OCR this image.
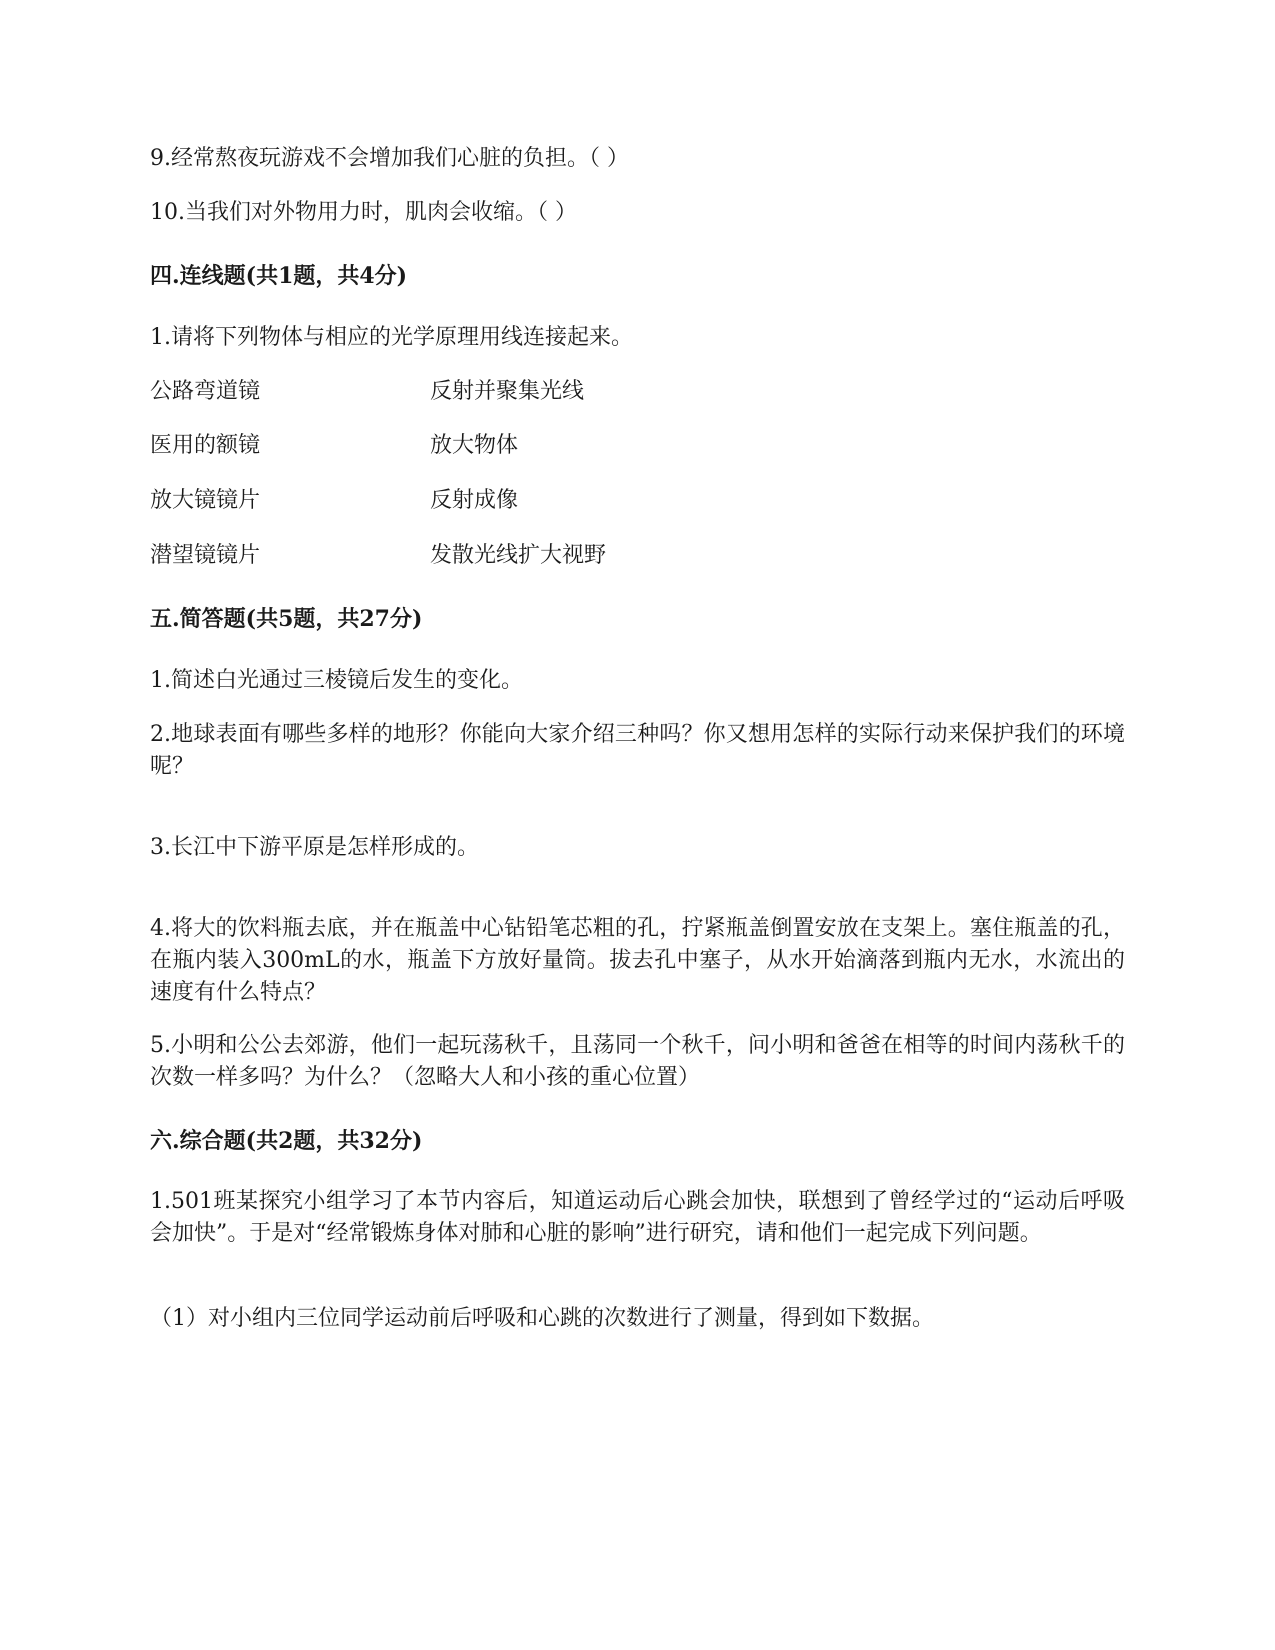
9.经常熬夜玩游戏不会增加我们心脏的负担。（ ）
10.当我们对外物用力时，肌肉会收缩。（ ）
四.连线题(共1题，共4分)
1.请将下列物体与相应的光学原理用线连接起来。
公路弯道镜	反射并聚集光线
医用的额镜	放大物体
放大镜镜片	反射成像
潜望镜镜片	发散光线扩大视野
五.简答题(共5题，共27分)
1.简述白光通过三棱镜后发生的变化。
2.地球表面有哪些多样的地形？你能向大家介绍三种吗？你又想用怎样的实际行动来保护我们的环境呢？
3.长江中下游平原是怎样形成的。
4.将大的饮料瓶去底，并在瓶盖中心钻铅笔芯粗的孔，拧紧瓶盖倒置安放在支架上。塞住瓶盖的孔，在瓶内装入300mL的水，瓶盖下方放好量筒。拔去孔中塞子，从水开始滴落到瓶内无水，水流出的速度有什么特点？
5.小明和公公去郊游，他们一起玩荡秋千，且荡同一个秋千，问小明和爸爸在相等的时间内荡秋千的次数一样多吗？为什么？（忽略大人和小孩的重心位置）
六.综合题(共2题，共32分)
1.501班某探究小组学习了本节内容后，知道运动后心跳会加快，联想到了曾经学过的“运动后呼吸会加快”。于是对“经常锻炼身体对肺和心脏的影响”进行研究，请和他们一起完成下列问题。
（1）对小组内三位同学运动前后呼吸和心跳的次数进行了测量，得到如下数据。
